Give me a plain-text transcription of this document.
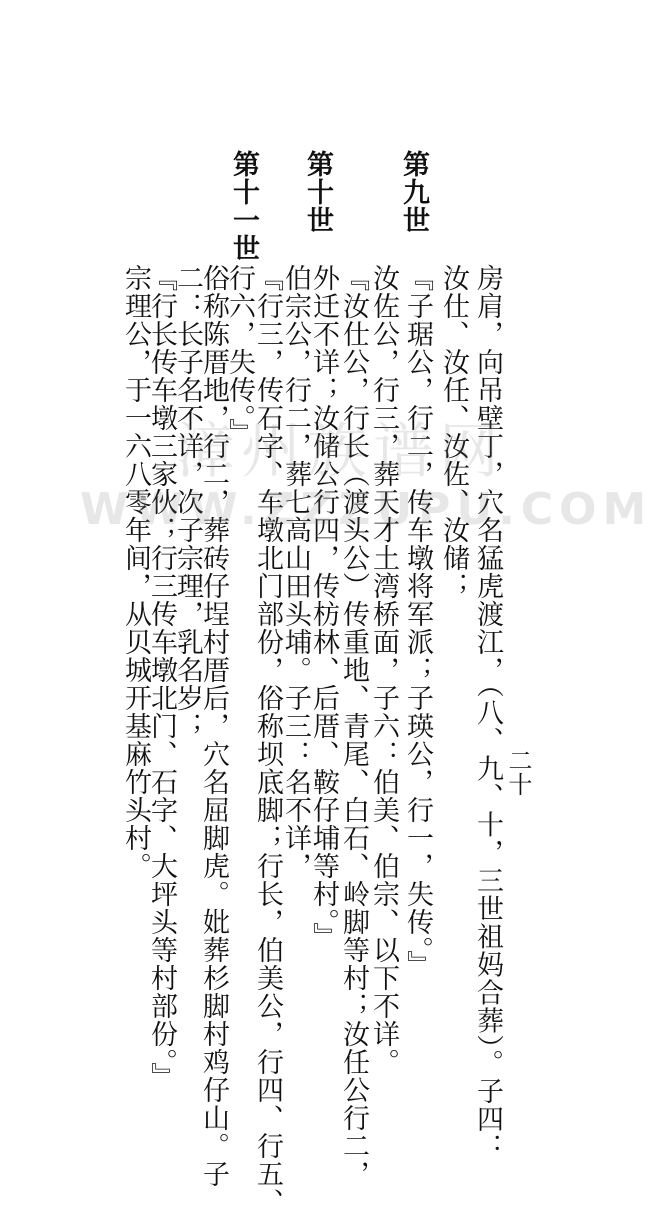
二十
第九世
第十世
第十一世
房肩，向吊壁丁，穴名猛虎渡江，（八、九、十，三世祖妈合葬）。子四：
汝仕、汝任、汝佐、汝储；
『子琚公，行二，传车墩将军派；子瑛公，行一，失传。』
汝佐公，行三，葬天才土湾桥面，子六：伯美、伯宗、以下不详。
『汝仕公，行长（渡头公）传重地、青尾、白石、岭脚等村；汝任公行二，
外迁不详；汝储公行四，传枋林、后厝、鞍仔埔等村。』
伯宗公，行二，葬七高山田头埔。子三：名不详，
『行三，传石字、车墩北门部份，俗称坝底脚；行长，伯美公，行四、行五、
行六，失传。』
俗称陈厝地，行二，葬砖仔埕村厝后，穴名屈脚虎。妣葬杉脚村鸡仔山。子
二：长子名不详，次子宗理，乳名岁；
『行长传车墩三家伙；行三传车墩北门、石字、大坪头等村部份。』
宗理公，于一六八零年间，从贝城开基麻竹头村。 漳州族谱网
WWW.ZZZUPU.COM
